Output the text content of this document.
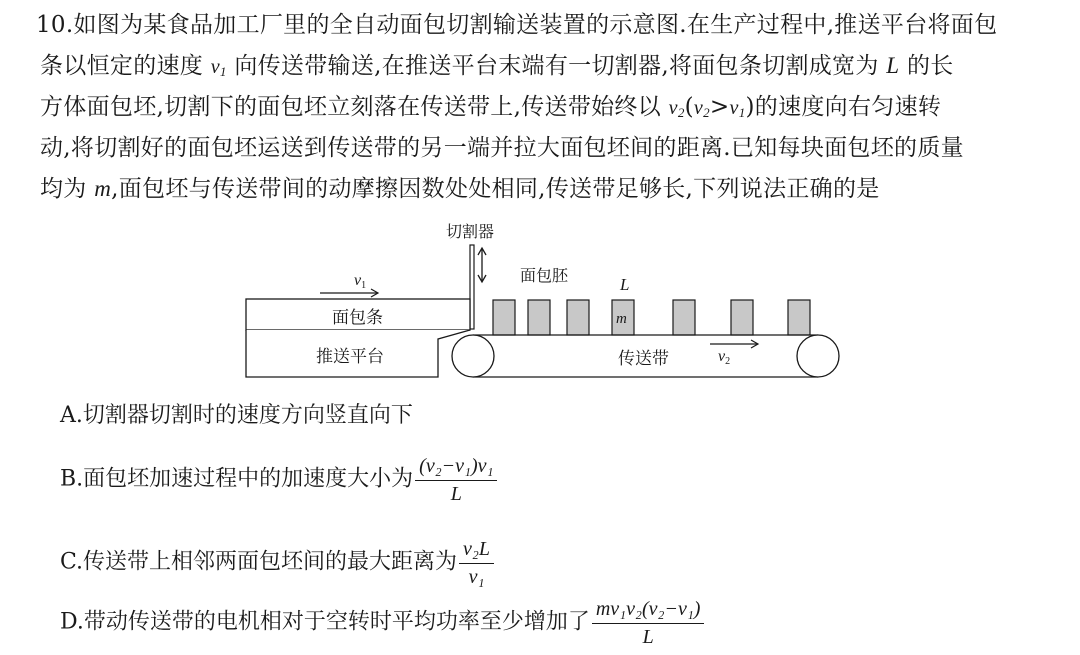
10.如图为某食品加工厂里的全自动面包切割输送装置的示意图.在生产过程中,推送平台将面包
条以恒定的速度 v1 向传送带输送,在推送平台末端有一切割器,将面包条切割成宽为 L 的长
方体面包坯,切割下的面包坯立刻落在传送带上,传送带始终以 v2(v2>v1)的速度向右匀速转
动,将切割好的面包坯运送到传送带的另一端并拉大面包坯间的距离.已知每块面包坯的质量
均为 m,面包坯与传送带间的动摩擦因数处处相同,传送带足够长,下列说法正确的是
切割器
v1
面包条
推送平台
面包胚	L
m
传送带	v2
A.切割器切割时的速度方向竖直向下
B.面包坯加速过程中的加速度大小为 $\frac{\text{(v₂−v₁)v₁}}{L}$
C.传送带上相邻两面包坯间的最大距离为 $\frac{\text{v₂L}}{\text{v₁}}$
D.带动传送带的电机相对于空转时平均功率至少增加了 $\frac{\text{mv₁v₂(v₂−v₁)}}{L}$
